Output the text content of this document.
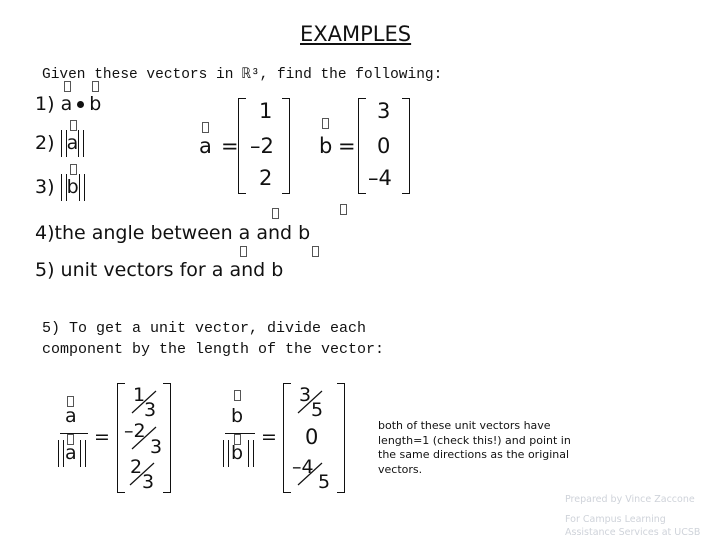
EXAMPLES
Given these vectors in ℝ³, find the following:
1) a b
2) a
3) b
4)the angle between a and b
5) unit vectors for a and b
a =
1
–2
2
b =
3
0
–4
5) To get a unit vector, divide each
component by the length of the vector:
a
a
=
1
3
–2
3
2
3
b
b
=
3
5
0
–4
5
both of these unit vectors have length=1 (check this!) and point in the same directions as the original vectors.
Prepared by Vince Zaccone
For Campus Learning
Assistance Services at UCSB
